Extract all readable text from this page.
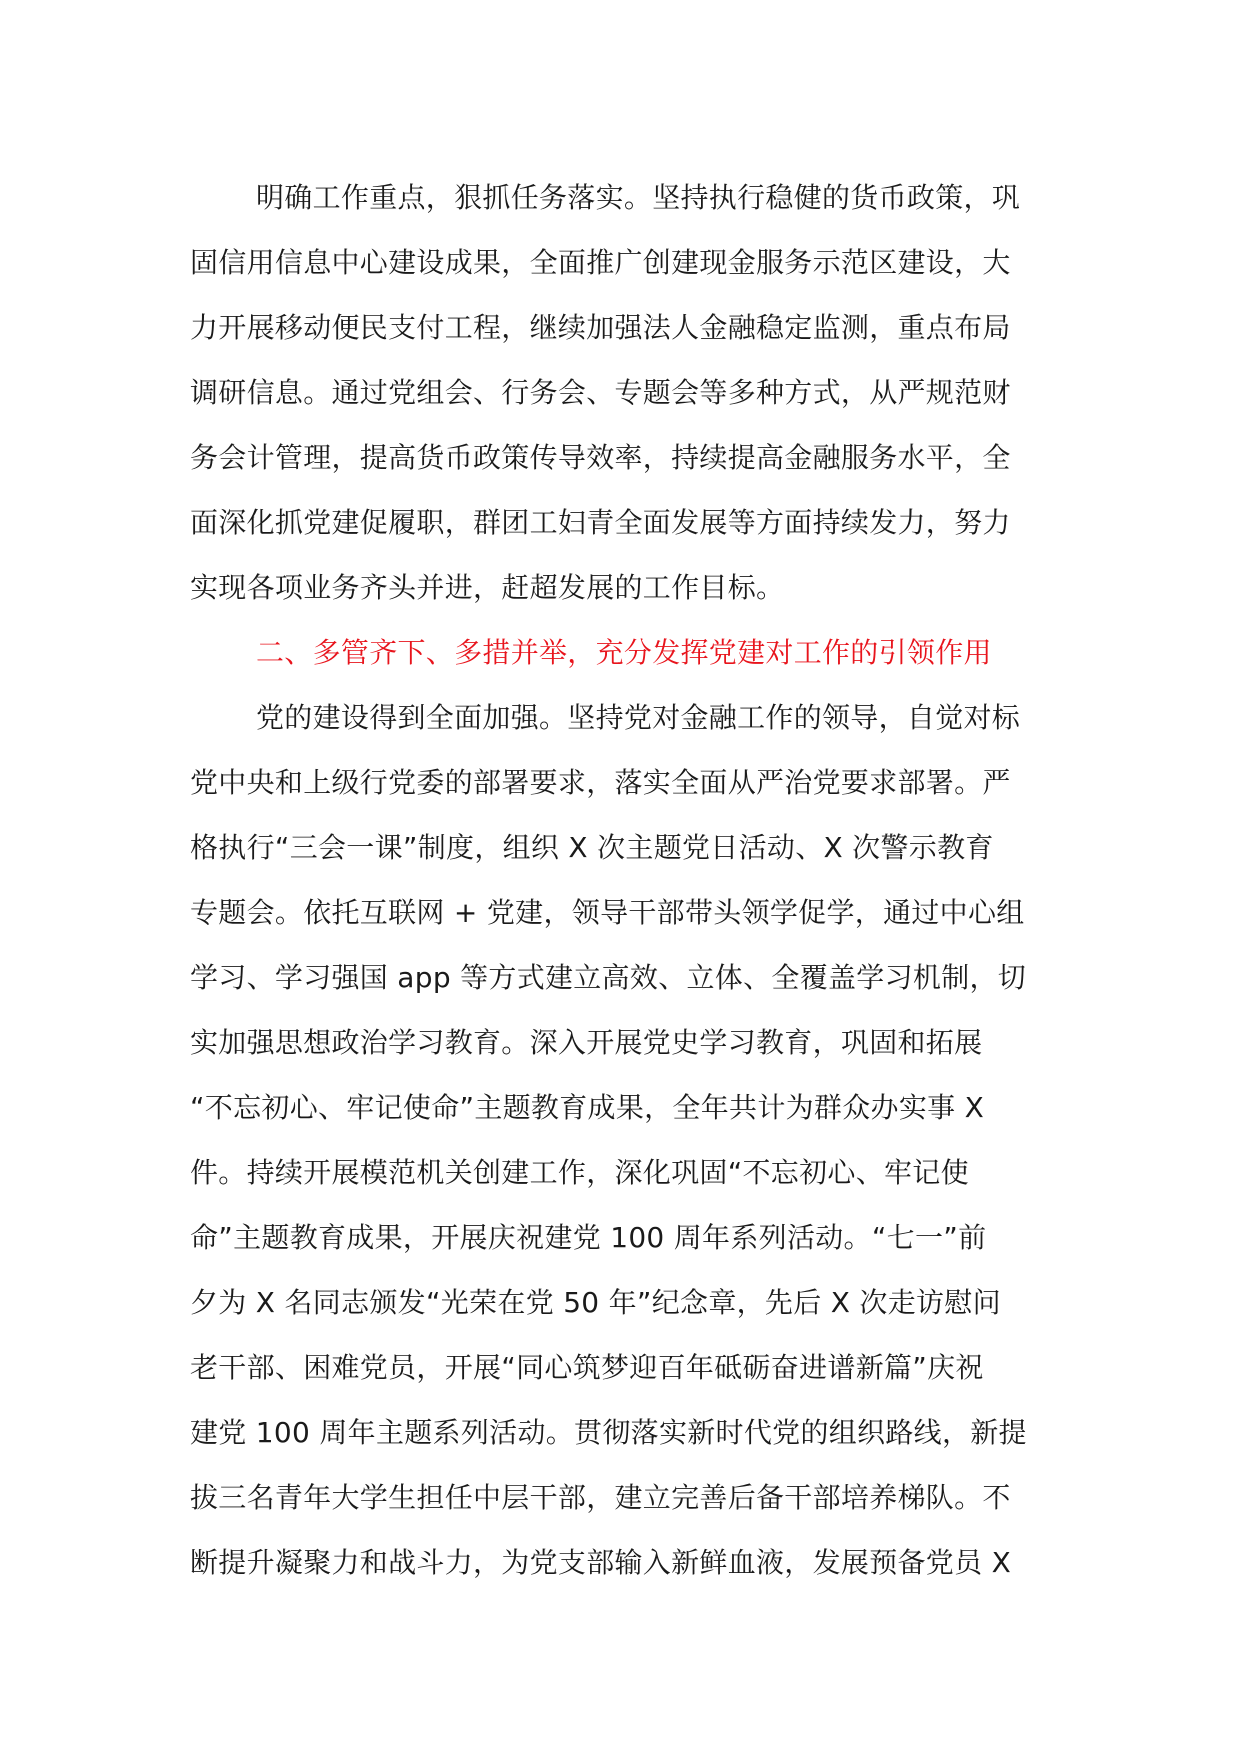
明确工作重点，狠抓任务落实。坚持执行稳健的货币政策，巩
固信用信息中心建设成果，全面推广创建现金服务示范区建设，大
力开展移动便民支付工程，继续加强法人金融稳定监测，重点布局
调研信息。通过党组会、行务会、专题会等多种方式，从严规范财
务会计管理，提高货币政策传导效率，持续提高金融服务水平，全
面深化抓党建促履职，群团工妇青全面发展等方面持续发力，努力
实现各项业务齐头并进，赶超发展的工作目标。
二、多管齐下、多措并举，充分发挥党建对工作的引领作用
党的建设得到全面加强。坚持党对金融工作的领导，自觉对标
党中央和上级行党委的部署要求，落实全面从严治党要求部署。严
格执行“三会一课”制度，组织 X 次主题党日活动、X 次警示教育
专题会。依托互联网 + 党建，领导干部带头领学促学，通过中心组
学习、学习强国 app 等方式建立高效、立体、全覆盖学习机制，切
实加强思想政治学习教育。深入开展党史学习教育，巩固和拓展
“不忘初心、牢记使命”主题教育成果，全年共计为群众办实事 X
件。持续开展模范机关创建工作，深化巩固“不忘初心、牢记使
命”主题教育成果，开展庆祝建党 100 周年系列活动。“七一”前
夕为 X 名同志颁发“光荣在党 50 年”纪念章，先后 X 次走访慰问
老干部、困难党员，开展“同心筑梦迎百年砥砺奋进谱新篇”庆祝
建党 100 周年主题系列活动。贯彻落实新时代党的组织路线，新提
拔三名青年大学生担任中层干部，建立完善后备干部培养梯队。不
断提升凝聚力和战斗力，为党支部输入新鲜血液，发展预备党员 X
